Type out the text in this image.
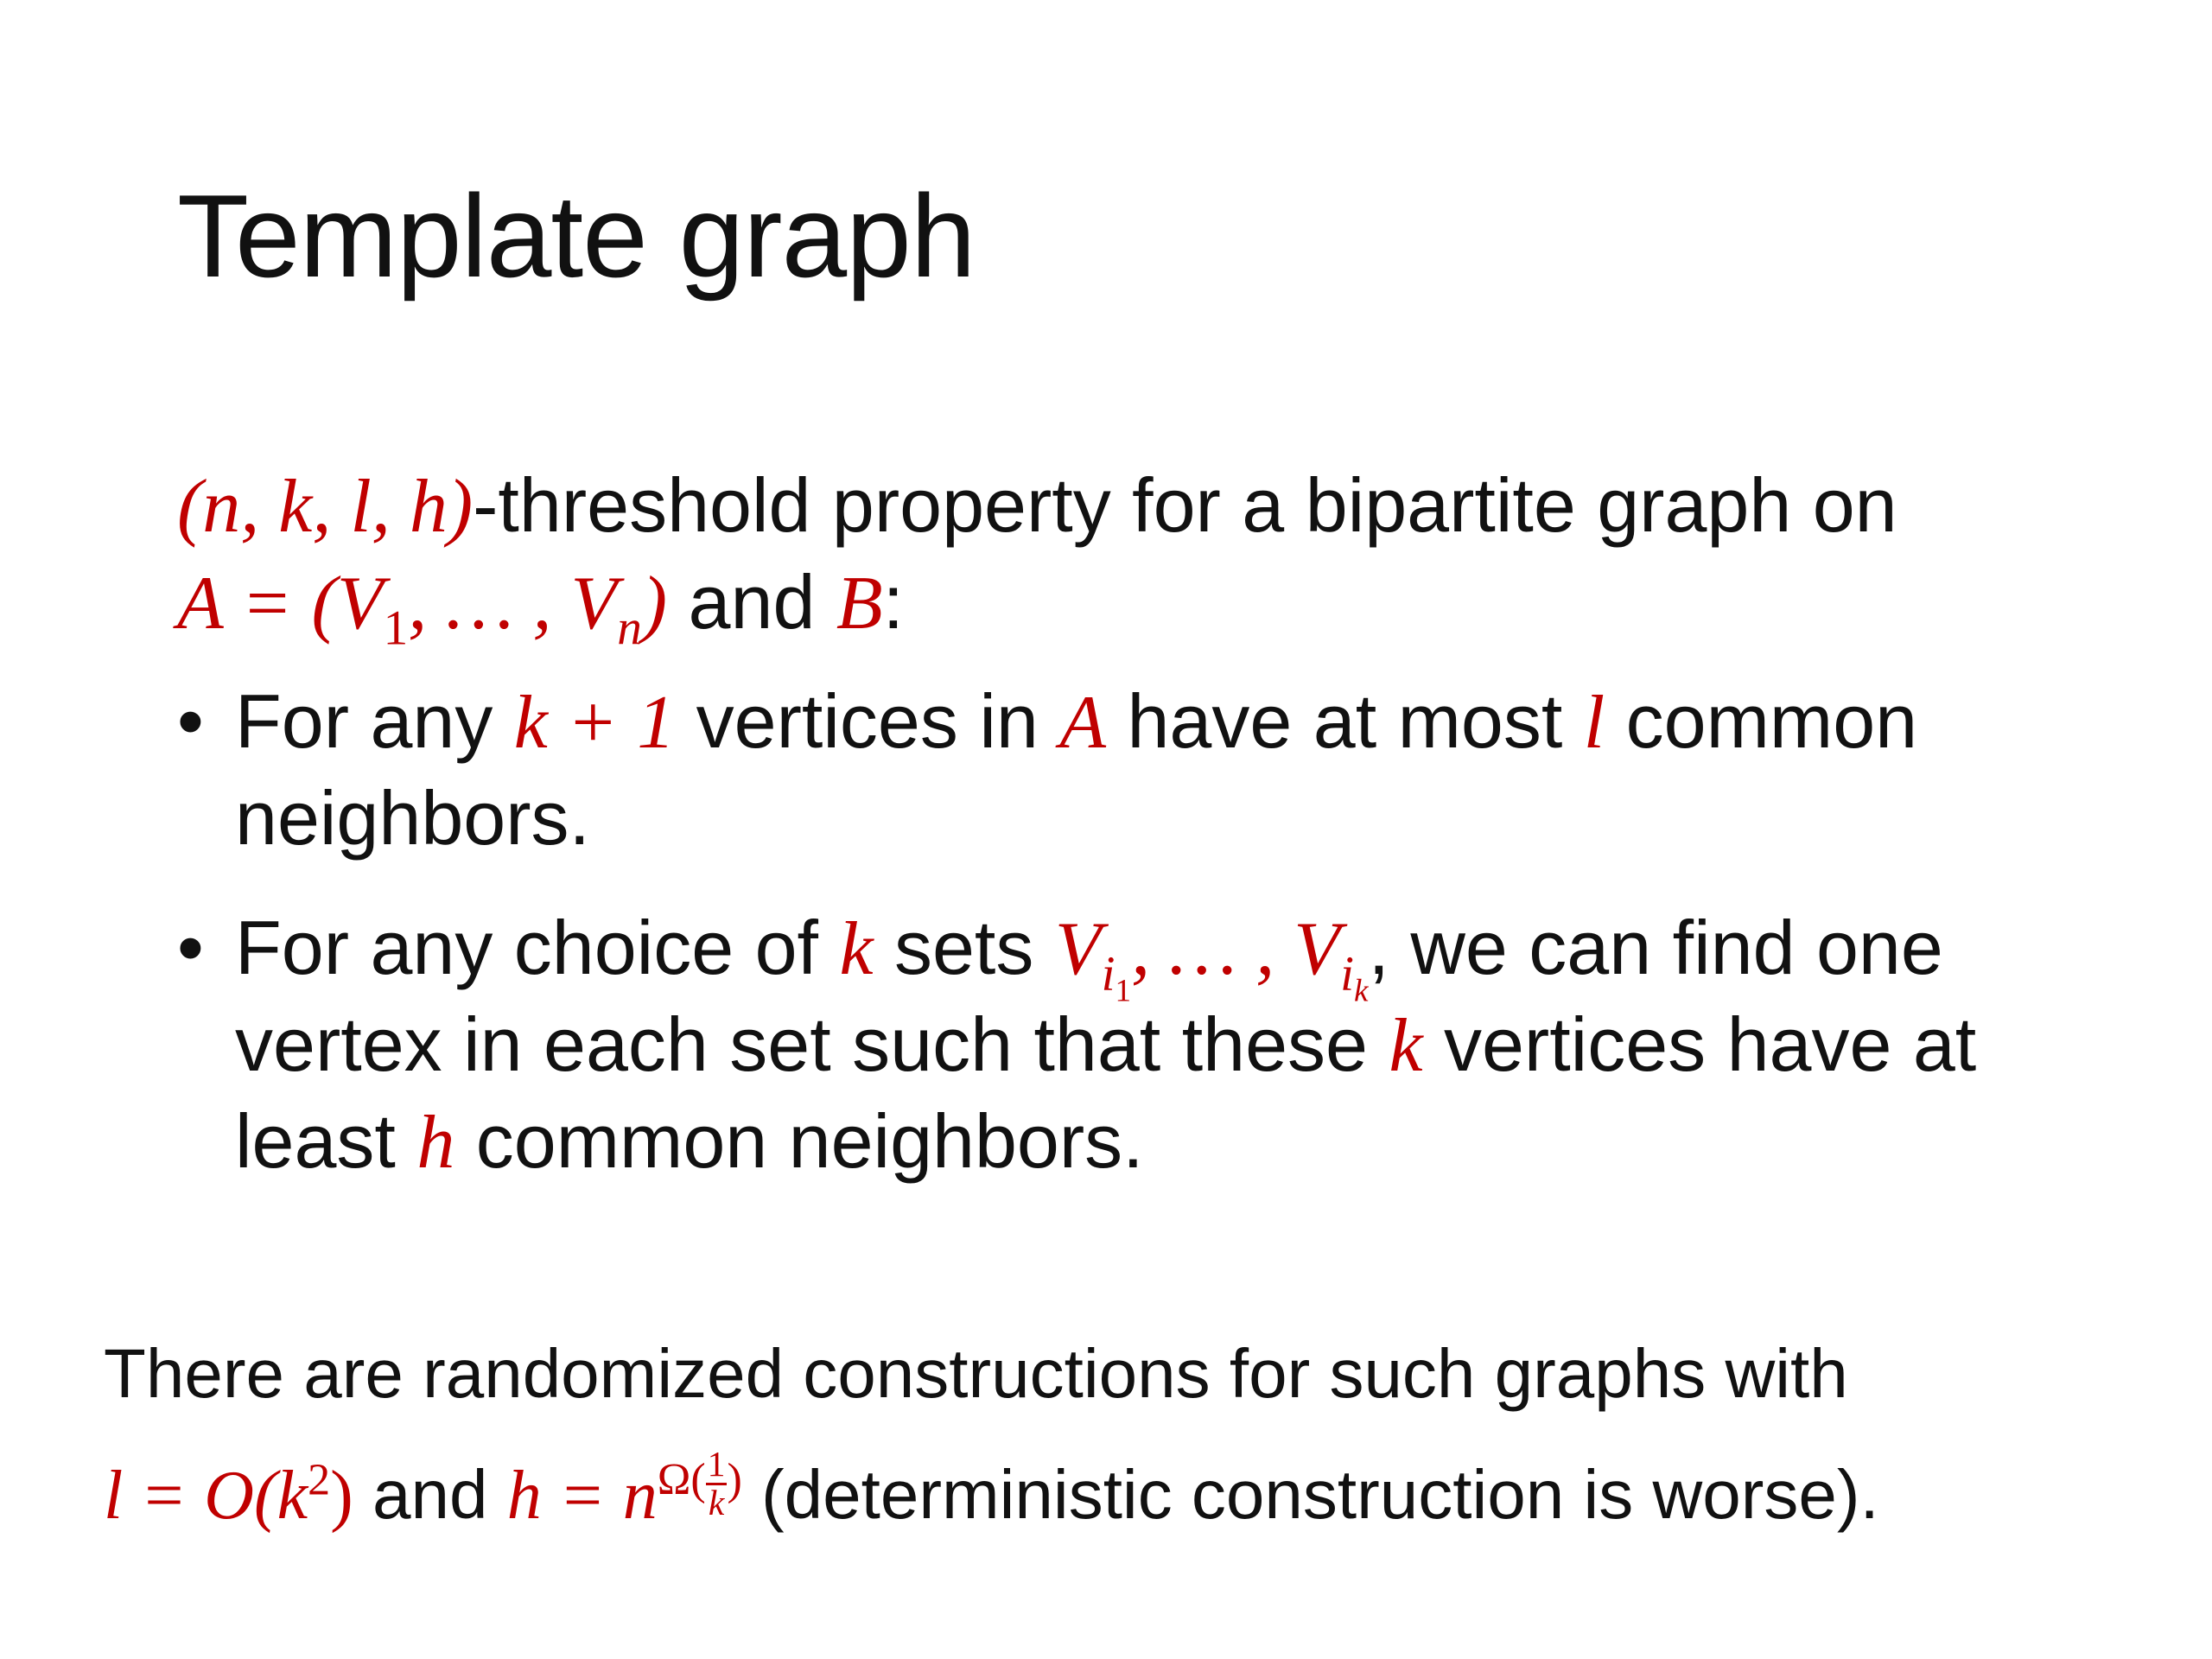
Template graph
(n, k, l, h)-threshold property for a bipartite graph on
$A = (V_1$, … , $V_n$) and B:
• For any k + 1 vertices in A have at most l common neighbors.
• For any choice of k sets $V_{i_1}$, … , $V_{i_k}$, we can find one vertex in each set such that these k vertices have at least h common neighbors.
There are randomized constructions for such graphs with
$l = O(k^2)$ and $h = n^{\Omega( \frac{1}{k} )}$ (deterministic construction is worse).
